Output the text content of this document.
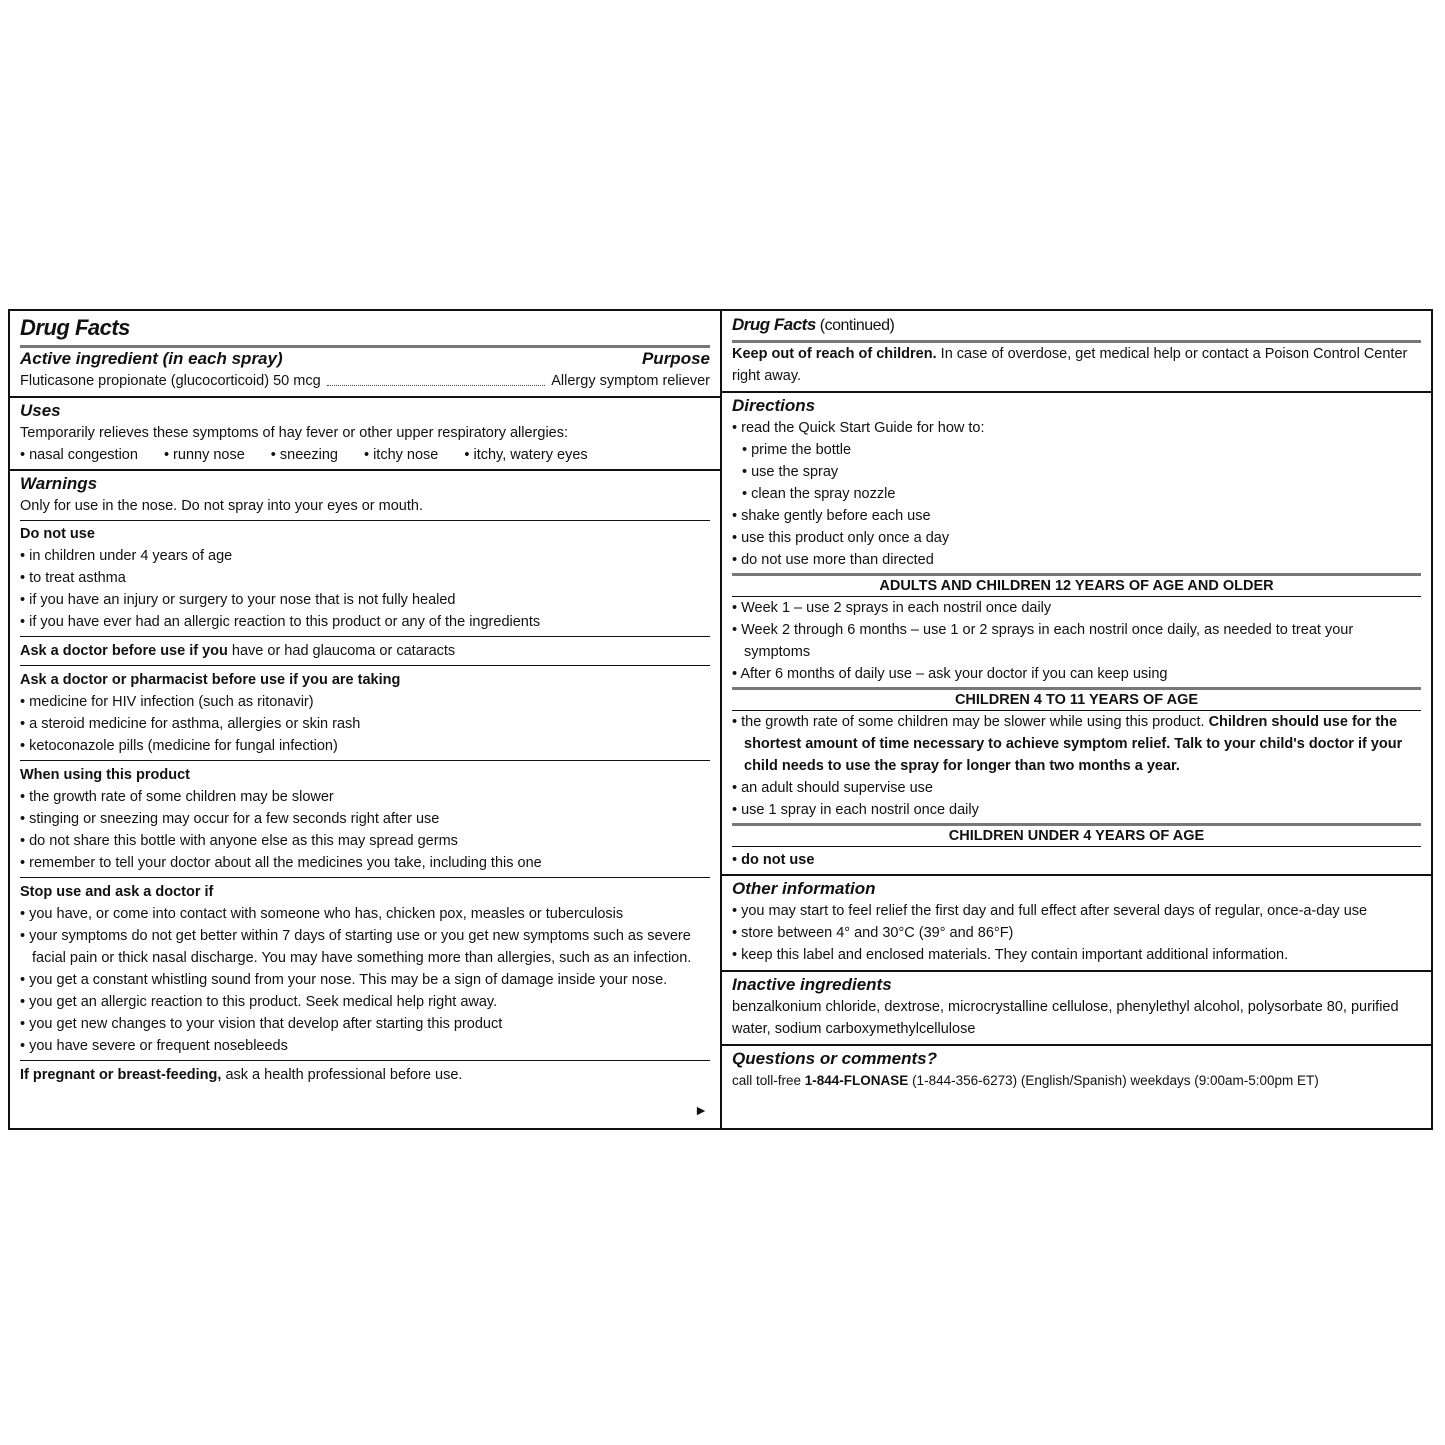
Drug Facts
Active ingredient (in each spray)	Purpose
Fluticasone propionate (glucocorticoid) 50 mcg	Allergy symptom reliever
Uses
Temporarily relieves these symptoms of hay fever or other upper respiratory allergies:
• nasal congestion	• runny nose	• sneezing	• itchy nose	• itchy, watery eyes
Warnings
Only for use in the nose. Do not spray into your eyes or mouth.
Do not use
• in children under 4 years of age
• to treat asthma
• if you have an injury or surgery to your nose that is not fully healed
• if you have ever had an allergic reaction to this product or any of the ingredients
Ask a doctor before use if you have or had glaucoma or cataracts
Ask a doctor or pharmacist before use if you are taking
• medicine for HIV infection (such as ritonavir)
• a steroid medicine for asthma, allergies or skin rash
• ketoconazole pills (medicine for fungal infection)
When using this product
• the growth rate of some children may be slower
• stinging or sneezing may occur for a few seconds right after use
• do not share this bottle with anyone else as this may spread germs
• remember to tell your doctor about all the medicines you take, including this one
Stop use and ask a doctor if
• you have, or come into contact with someone who has, chicken pox, measles or tuberculosis
• your symptoms do not get better within 7 days of starting use or you get new symptoms such as severe facial pain or thick nasal discharge. You may have something more than allergies, such as an infection.
• you get a constant whistling sound from your nose. This may be a sign of damage inside your nose.
• you get an allergic reaction to this product. Seek medical help right away.
• you get new changes to your vision that develop after starting this product
• you have severe or frequent nosebleeds
If pregnant or breast-feeding, ask a health professional before use.
►
Drug Facts (continued)
Keep out of reach of children. In case of overdose, get medical help or contact a Poison Control Center right away.
Directions
• read the Quick Start Guide for how to:
• prime the bottle
• use the spray
• clean the spray nozzle
• shake gently before each use
• use this product only once a day
• do not use more than directed
ADULTS AND CHILDREN 12 YEARS OF AGE AND OLDER
• Week 1 – use 2 sprays in each nostril once daily
• Week 2 through 6 months – use 1 or 2 sprays in each nostril once daily, as needed to treat your symptoms
• After 6 months of daily use – ask your doctor if you can keep using
CHILDREN 4 TO 11 YEARS OF AGE
• the growth rate of some children may be slower while using this product. Children should use for the shortest amount of time necessary to achieve symptom relief. Talk to your child's doctor if your child needs to use the spray for longer than two months a year.
• an adult should supervise use
• use 1 spray in each nostril once daily
CHILDREN UNDER 4 YEARS OF AGE
• do not use
Other information
• you may start to feel relief the first day and full effect after several days of regular, once-a-day use
• store between 4° and 30°C (39° and 86°F)
• keep this label and enclosed materials. They contain important additional information.
Inactive ingredients
benzalkonium chloride, dextrose, microcrystalline cellulose, phenylethyl alcohol, polysorbate 80, purified water, sodium carboxymethylcellulose
Questions or comments?
call toll-free 1-844-FLONASE (1-844-356-6273) (English/Spanish) weekdays (9:00am-5:00pm ET)
